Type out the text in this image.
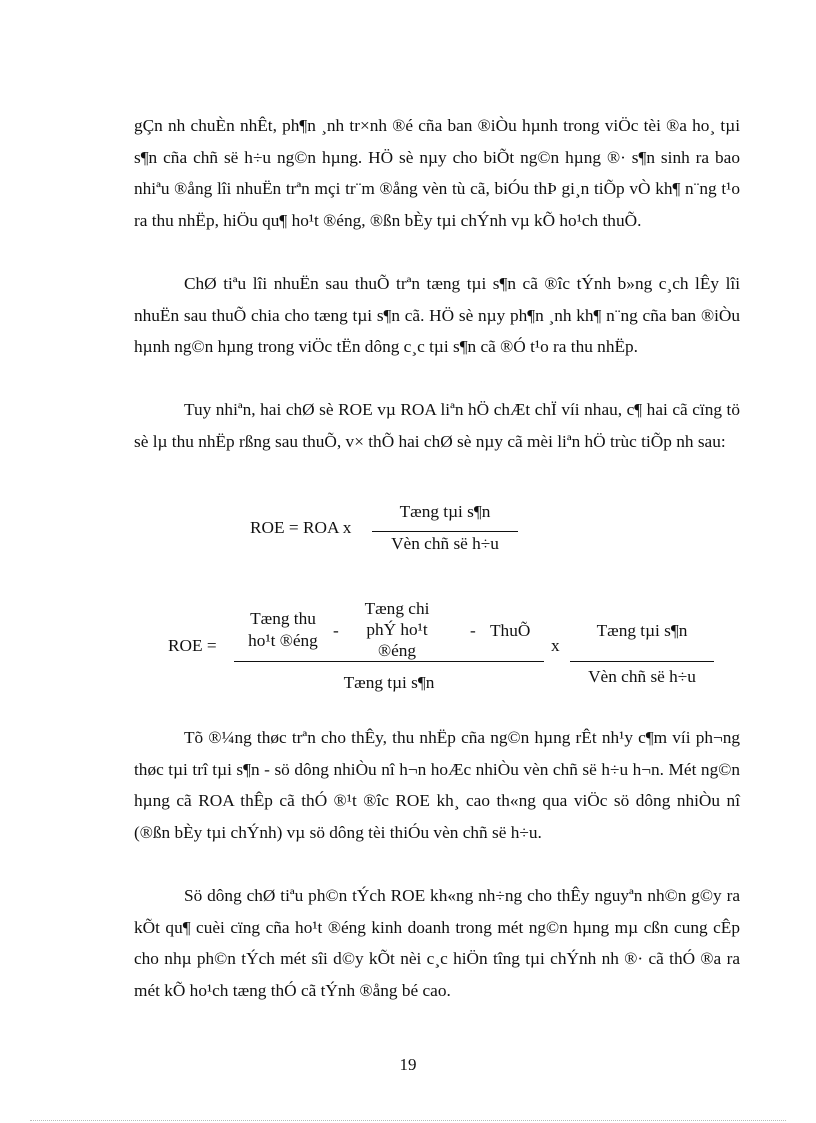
gÇn nh chuÈn nhÊt, ph¶n ¸nh tr×nh ®é cña ban ®iÒu hµnh trong viÖc tèi ®a ho¸ tµi s¶n cña chñ së h÷u ng©n hµng. HÖ sè nµy cho biÕt ng©n hµng ®· s¶n sinh ra bao nhiªu ®ång lîi nhuËn trªn mçi tr¨m ®ång vèn tù cã, biÓu thÞ gi¸n tiÕp vÒ kh¶ n¨ng t¹o ra thu nhËp, hiÖu qu¶ ho¹t ®éng, ®ßn bÈy tµi chÝnh vµ kÕ ho¹ch thuÕ.

ChØ tiªu lîi nhuËn sau thuÕ trªn tæng tµi s¶n cã ®îc tÝnh b»ng c¸ch lÊy lîi nhuËn sau thuÕ chia cho tæng tµi s¶n cã. HÖ sè nµy ph¶n ¸nh kh¶ n¨ng cña ban ®iÒu hµnh ng©n hµng trong viÖc tËn dông c¸c tµi s¶n cã ®Ó t¹o ra thu nhËp.

Tuy nhiªn, hai chØ sè ROE vµ ROA liªn hÖ chÆt chÏ víi nhau, c¶ hai cã cïng tö sè lµ thu nhËp rßng sau thuÕ, v× thÕ hai chØ sè nµy cã mèi liªn hÖ trùc tiÕp nh sau:

ROE = ROA x
Tæng tµi s¶n
Vèn chñ së h÷u
ROE =
Tæng thu
ho¹t ®éng
-
Tæng chi
phÝ ho¹t
®éng
- ThuÕ
Tæng tµi s¶n
x
Tæng tµi s¶n
Vèn chñ së h÷u

Tõ ®¼ng thøc trªn cho thÊy, thu nhËp cña ng©n hµng rÊt nh¹y c¶m víi ph¬ng thøc tµi trî tµi s¶n - sö dông nhiÒu nî h¬n hoÆc nhiÒu vèn chñ së h÷u h¬n. Mét ng©n hµng cã ROA thÊp cã thÓ ®¹t ®îc ROE kh¸ cao th«ng qua viÖc sö dông nhiÒu nî (®ßn bÈy tµi chÝnh) vµ sö dông tèi thiÓu vèn chñ së h÷u.

Sö dông chØ tiªu ph©n tÝch ROE kh«ng nh÷ng cho thÊy nguyªn nh©n g©y ra kÕt qu¶ cuèi cïng cña ho¹t ®éng kinh doanh trong mét ng©n hµng mµ cßn cung cÊp cho nhµ ph©n tÝch mét sîi d©y kÕt nèi c¸c hiÖn tîng tµi chÝnh nh ®· cã thÓ ®a ra mét kÕ ho¹ch tæng thÓ cã tÝnh ®ång bé cao.

19
